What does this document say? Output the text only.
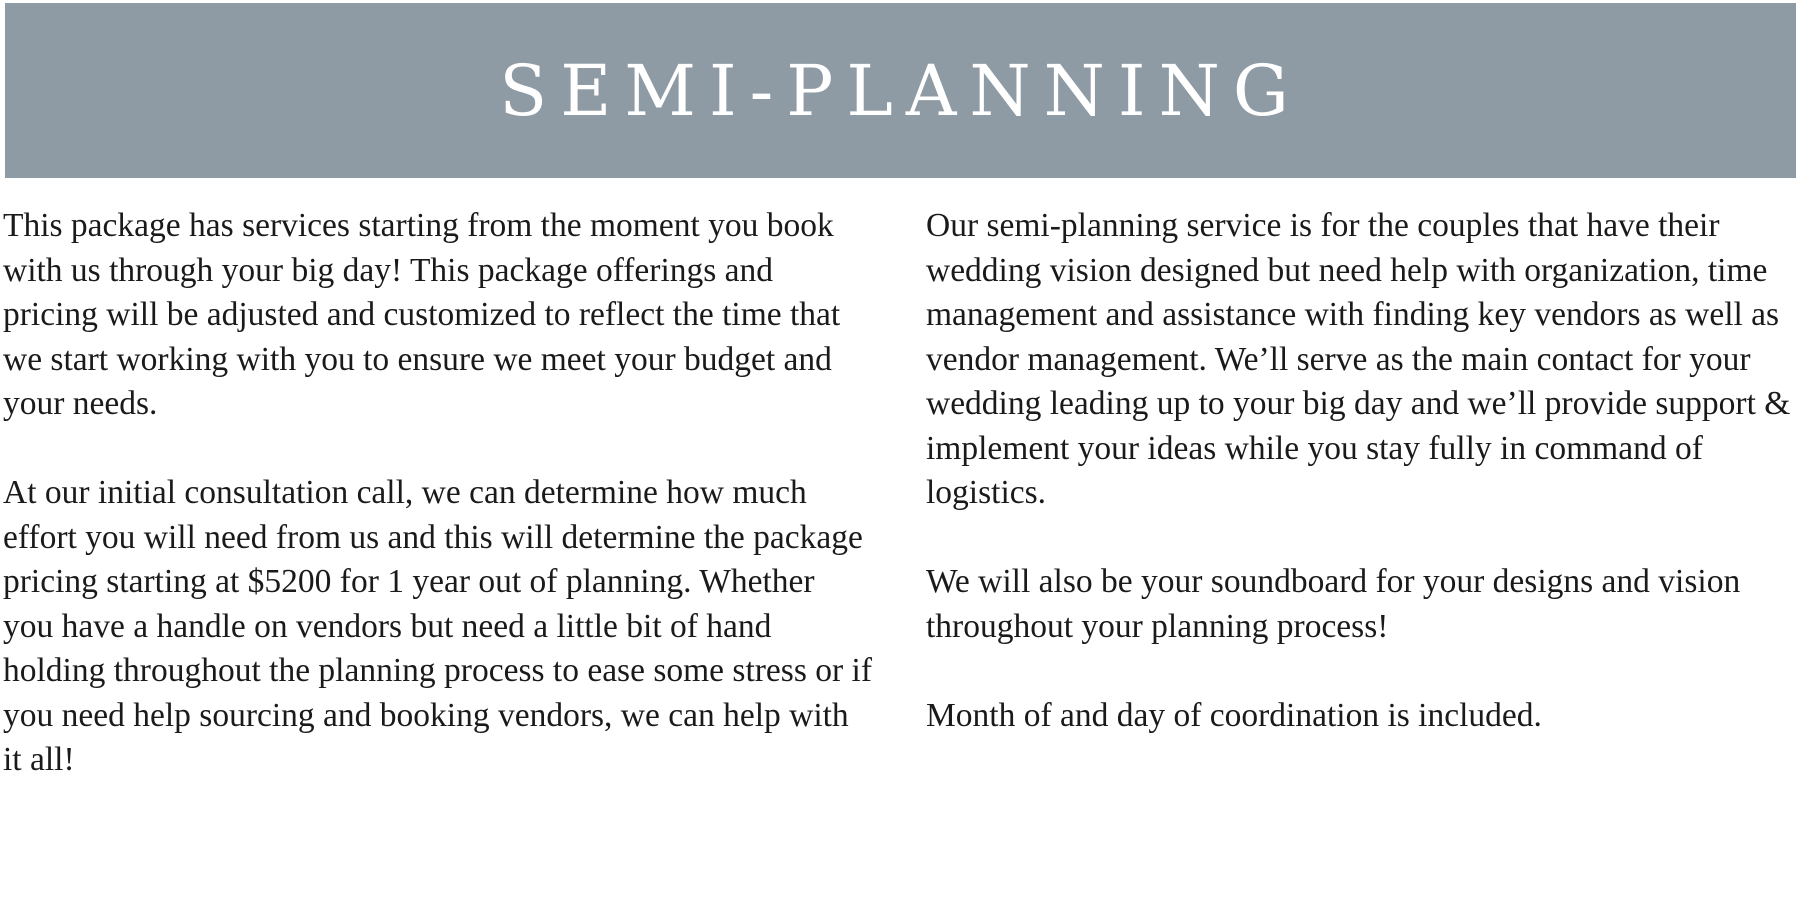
SEMI-PLANNING

This package has services starting from the moment you book with us through your big day! This package offerings and pricing will be adjusted and customized to reflect the time that we start working with you to ensure we meet your budget and your needs.

At our initial consultation call, we can determine how much effort you will need from us and this will determine the package pricing starting at $5200 for 1 year out of planning. Whether you have a handle on vendors but need a little bit of hand holding throughout the planning process to ease some stress or if you need help sourcing and booking vendors, we can help with it all!

Our semi-planning service is for the couples that have their wedding vision designed but need help with organization, time management and assistance with finding key vendors as well as vendor management. We’ll serve as the main contact for your wedding leading up to your big day and we’ll provide support & implement your ideas while you stay fully in command of logistics.

We will also be your soundboard for your designs and vision throughout your planning process!

Month of and day of coordination is included.
